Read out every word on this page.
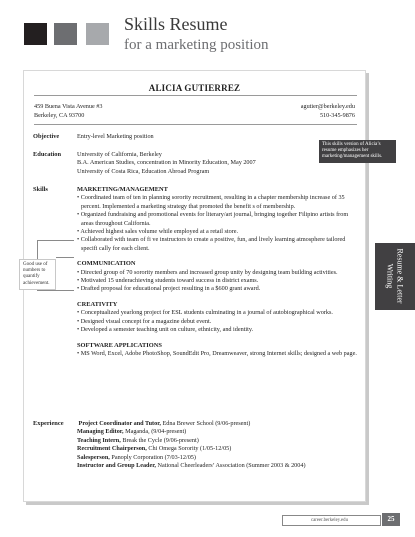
Skills Resume
for a marketing position
ALICIA GUTIERREZ
459 Buena Vista Avenue #3
Berkeley, CA 93700
agutier@berkeley.edu
510-345-9876
Objective	Entry-level Marketing position
Education	University of California, Berkeley
B.A. American Studies, concentration in Minority Education, May 2007
University of Costa Rica, Education Abroad Program
Skills	MARKETING/MANAGEMENT
• Coordinated team of ten in planning sorority recruitment, resulting in a chapter membership increase of 35 percent. Implemented a marketing strategy that promoted the benefit s of membership.
• Organized fundraising and promotional events for literary/art journal, bringing together Filipino artists from areas throughout California.
• Achieved highest sales volume while employed at a retail store.
• Collaborated with team of fi ve instructors to create a positive, fun, and lively learning atmosphere tailored specifi cally for each client.
COMMUNICATION
• Directed group of 70 sorority members and increased group unity by designing team building activities.
• Motivated 15 underachieving students toward success in district exams.
• Drafted proposal for educational project resulting in a $600 grant award.
CREATIVITY
• Conceptualized yearlong project for ESL students culminating in a journal of autobiographical works.
• Designed visual concept for a magazine debut event.
• Developed a semester teaching unit on culture, ethnicity, and identity.
SOFTWARE APPLICATIONS
• MS Word, Excel, Adobe PhotoShop, SoundEdit Pro, Dreamweaver, strong Internet skills; designed a web page.
Experience Project Coordinator and Tutor, Edna Brewer School (9/06-present)
Managing Editor, Maganda, (9/04-present)
Teaching Intern, Break the Cycle (9/06-present)
Recruitment Chairperson, Chi Omega Sorority (1/05-12/05)
Salesperson, Panoply Corporation (7/03-12/05)
Instructor and Group Leader, National Cheerleaders’ Association (Summer 2003 & 2004)
Good use of numbers to quantify achievement.
This skills version of Alicia’s resume emphasizes her marketing/management skills.
Resume & Letter
Writing
career.berkeley.edu	25
